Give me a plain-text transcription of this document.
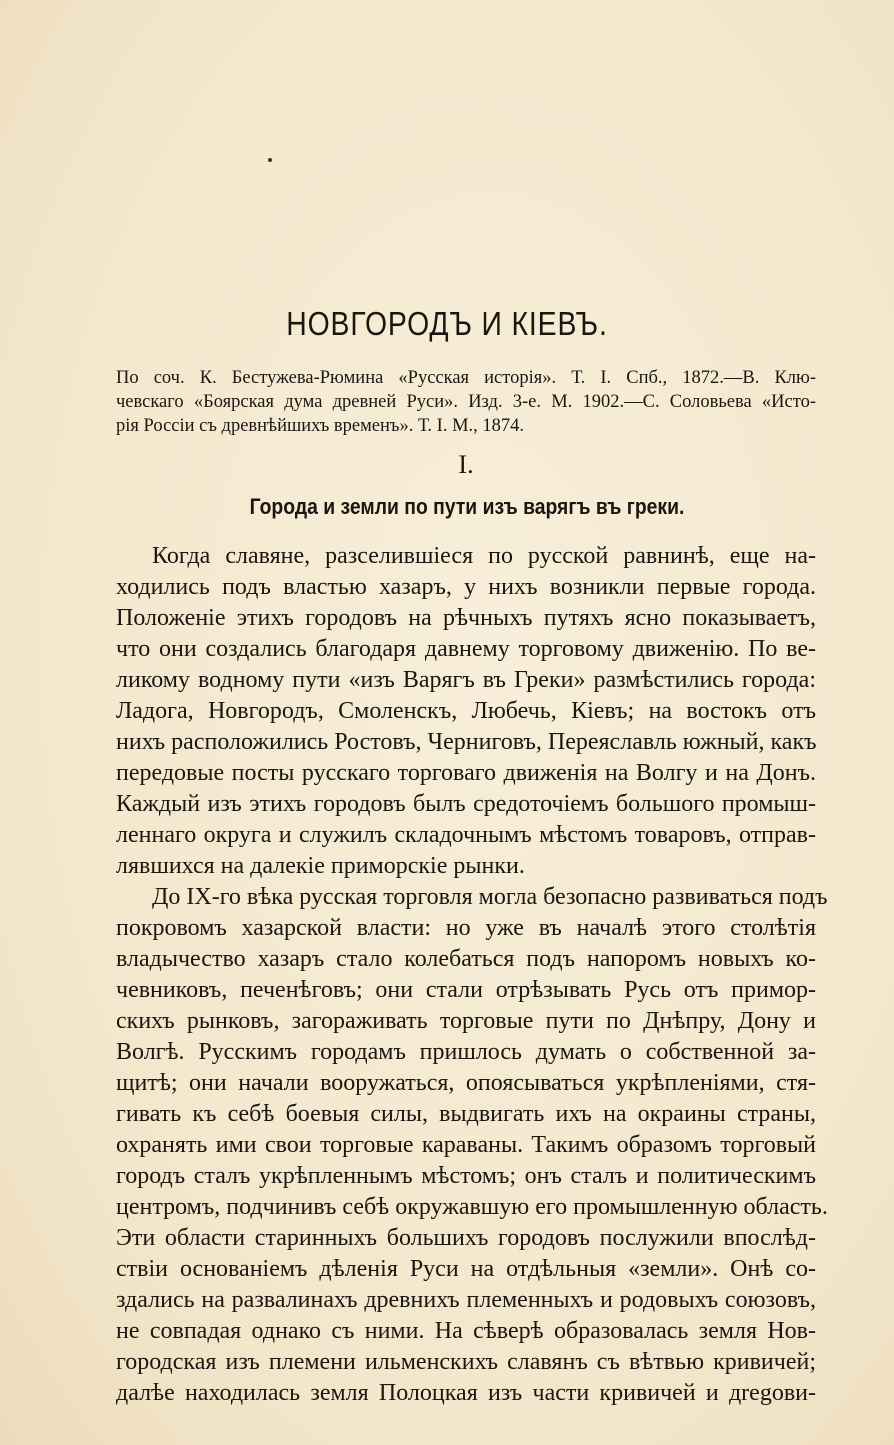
НОВГОРОДЪ И КІЕВЪ.
По соч. К. Бестужева-Рюмина «Русская исторія». Т. I. Спб., 1872.—В. Клю-
чевскаго «Боярская дума древней Руси». Изд. 3-е. М. 1902.—С. Соловьева «Исто-
рія Россіи съ древнѣйшихъ временъ». Т. I. М., 1874.
I.
Города и земли по пути изъ варягъ въ греки.
Когда славяне, разселившіеся по русской равнинѣ, еще на-
ходились подъ властью хазаръ, у нихъ возникли первые города.
Положеніе этихъ городовъ на рѣчныхъ путяхъ ясно показываетъ,
что они создались благодаря давнему торговому движенію. По ве-
ликому водному пути «изъ Варягъ въ Греки» размѣстились города:
Ладога, Новгородъ, Смоленскъ, Любечь, Кіевъ; на востокъ отъ
нихъ расположились Ростовъ, Черниговъ, Переяславль южный, какъ
передовые посты русскаго торговаго движенія на Волгу и на Донъ.
Каждый изъ этихъ городовъ былъ средоточіемъ большого промыш-
леннаго округа и служилъ складочнымъ мѣстомъ товаровъ, отправ-
лявшихся на далекіе приморскіе рынки.
До IX-го вѣка русская торговля могла безопасно развиваться подъ
покровомъ хазарской власти: но уже въ началѣ этого столѣтія
владычество хазаръ стало колебаться подъ напоромъ новыхъ ко-
чевниковъ, печенѣговъ; они стали отрѣзывать Русь отъ примор-
скихъ рынковъ, загораживать торговые пути по Днѣпру, Дону и
Волгѣ. Русскимъ городамъ пришлось думать о собственной за-
щитѣ; они начали вооружаться, опоясываться укрѣпленіями, стя-
гивать къ себѣ боевыя силы, выдвигать ихъ на окраины страны,
охранять ими свои торговые караваны. Такимъ образомъ торговый
городъ сталъ укрѣпленнымъ мѣстомъ; онъ сталъ и политическимъ
центромъ, подчинивъ себѣ окружавшую его промышленную область.
Эти области старинныхъ большихъ городовъ послужили впослѣд-
ствіи основаніемъ дѣленія Руси на отдѣльныя «земли». Онѣ со-
здались на развалинахъ древнихъ племенныхъ и родовыхъ союзовъ,
не совпадая однако съ ними. На сѣверѣ образовалась земля Нов-
городская изъ племени ильменскихъ славянъ съ вѣтвью кривичей;
далѣе находилась земля Полоцкая изъ части кривичей и дregови-
